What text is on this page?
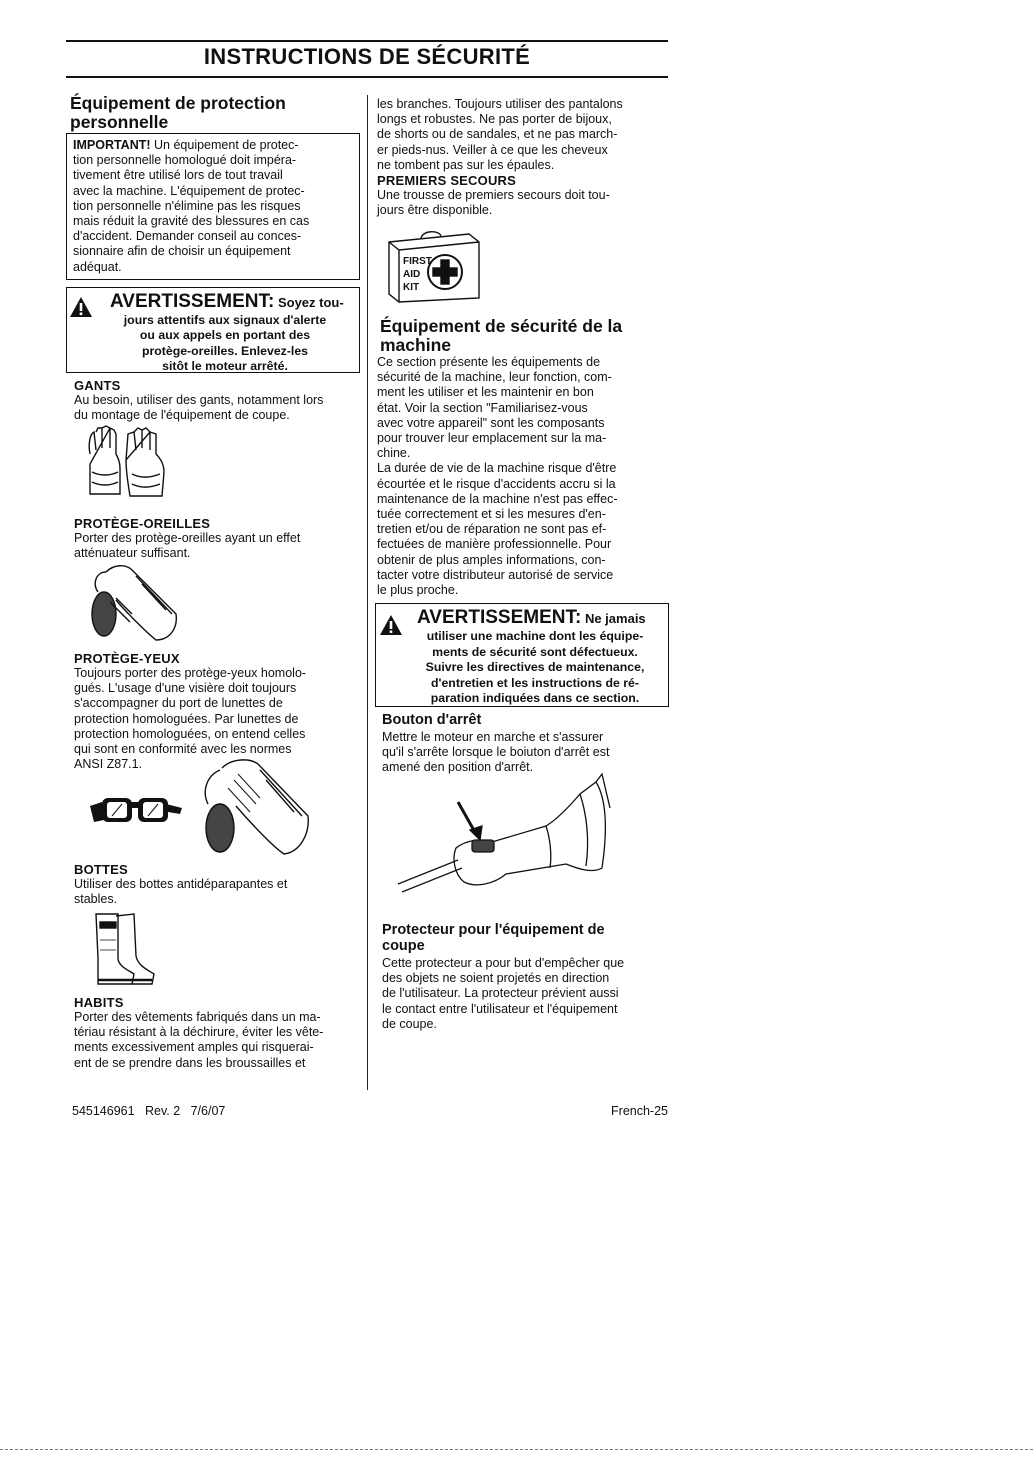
INSTRUCTIONS DE SÉCURITÉ
Équipement de protection
personnelle
IMPORTANT! Un équipement de protec-
tion personnelle homologué doit impéra-
tivement être utilisé lors de tout travail
avec la machine. L'équipement de protec-
tion personnelle n'élimine pas les risques
mais réduit la gravité des blessures en cas
d'accident. Demander conseil au conces-
sionnaire afin de choisir un équipement
adéquat.
AVERTISSEMENT: Soyez tou-
jours attentifs aux signaux d'alerte
ou aux appels en portant des
protège-oreilles. Enlevez-les
sitôt le moteur arrêté.
GANTS
Au besoin, utiliser des gants, notamment lors
du montage de l'équipement de coupe.
PROTÈGE-OREILLES
Porter des protège-oreilles ayant un effet
atténuateur suffisant.
PROTÈGE-YEUX
Toujours porter des protège-yeux homolo-
gués. L'usage d'une visière doit toujours
s'accompagner du port de lunettes de
protection homologuées. Par lunettes de
protection homologuées, on entend celles
qui sont en conformité avec les normes
ANSI Z87.1.
BOTTES
Utiliser des bottes antidéparapantes et
stables.
HABITS
Porter des vêtements fabriqués dans un ma-
tériau résistant à la déchirure, éviter les vête-
ments excessivement amples qui risquerai-
ent de se prendre dans les broussailles et
les branches. Toujours utiliser des pantalons
longs et robustes. Ne pas porter de bijoux,
de shorts ou de sandales, et ne pas march-
er pieds-nus. Veiller à ce que les cheveux
ne tombent pas sur les épaules.
PREMIERS SECOURS
Une trousse de premiers secours doit tou-
jours être disponible.
FIRST
AID
KIT
Équipement de sécurité de la
machine
Ce section présente les équipements de
sécurité de la machine, leur fonction, com-
ment les utiliser et les maintenir en bon
état. Voir la section "Familiarisez-vous
avec votre appareil" sont les composants
pour trouver leur emplacement sur la ma-
chine.
La durée de vie de la machine risque d'être
écourtée et le risque d'accidents accru si la
maintenance de la machine n'est pas effec-
tuée correctement et si les mesures d'en-
tretien et/ou de réparation ne sont pas ef-
fectuées de manière professionnelle. Pour
obtenir de plus amples informations, con-
tacter votre distributeur autorisé de service
le plus proche.
AVERTISSEMENT: Ne jamais
utiliser une machine dont les équipe-
ments de sécurité sont défectueux.
Suivre les directives de maintenance,
d'entretien et les instructions de ré-
paration indiquées dans ce section.
Bouton d'arrêt
Mettre le moteur en marche et s'assurer
qu'il s'arrête lorsque le boiuton d'arrêt est
amené den position d'arrêt.
Protecteur pour l'équipement de
coupe
Cette protecteur a pour but d'empêcher que
des objets ne soient projetés en direction
de l'utilisateur. La protecteur prévient aussi
le contact entre l'utilisateur et l'équipement
de coupe.
545146961   Rev. 2   7/6/07	French-25
